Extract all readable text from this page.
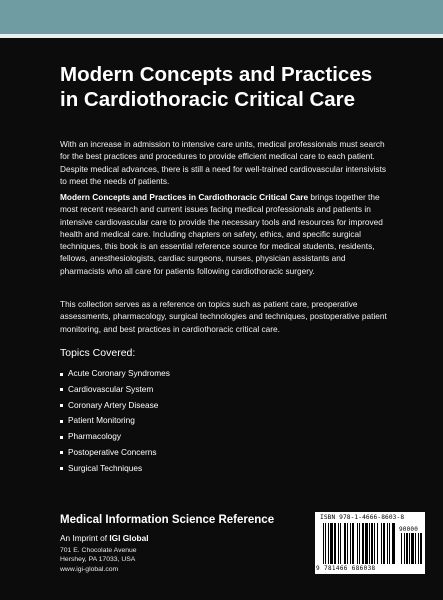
Modern Concepts and Practices
in Cardiothoracic Critical Care

With an increase in admission to intensive care units, medical professionals must search for the best practices and procedures to provide efficient medical care to each patient. Despite medical advances, there is still a need for well-trained cardiovascular intensivists to meet the needs of patients.

Modern Concepts and Practices in Cardiothoracic Critical Care brings together the most recent research and current issues facing medical professionals and patients in intensive cardiovascular care to provide the necessary tools and resources for improved health and medical care. Including chapters on safety, ethics, and specific surgical techniques, this book is an essential reference source for medical students, residents, fellows, anesthesiologists, cardiac surgeons, nurses, physician assistants and pharmacists who all care for patients following cardiothoracic surgery.

This collection serves as a reference on topics such as patient care, preoperative assessments, pharmacology, surgical technologies and techniques, postoperative patient monitoring, and best practices in cardiothoracic critical care.

Topics Covered:
Acute Coronary Syndromes
Cardiovascular System
Coronary Artery Disease
Patient Monitoring
Pharmacology
Postoperative Concerns
Surgical Techniques
Medical Information Science Reference
An Imprint of IGI Global
701 E. Chocolate Avenue
Hershey, PA 17033, USA
www.igi-global.com
ISBN 978-1-4666-8603-8
9 781466 686038
90000
